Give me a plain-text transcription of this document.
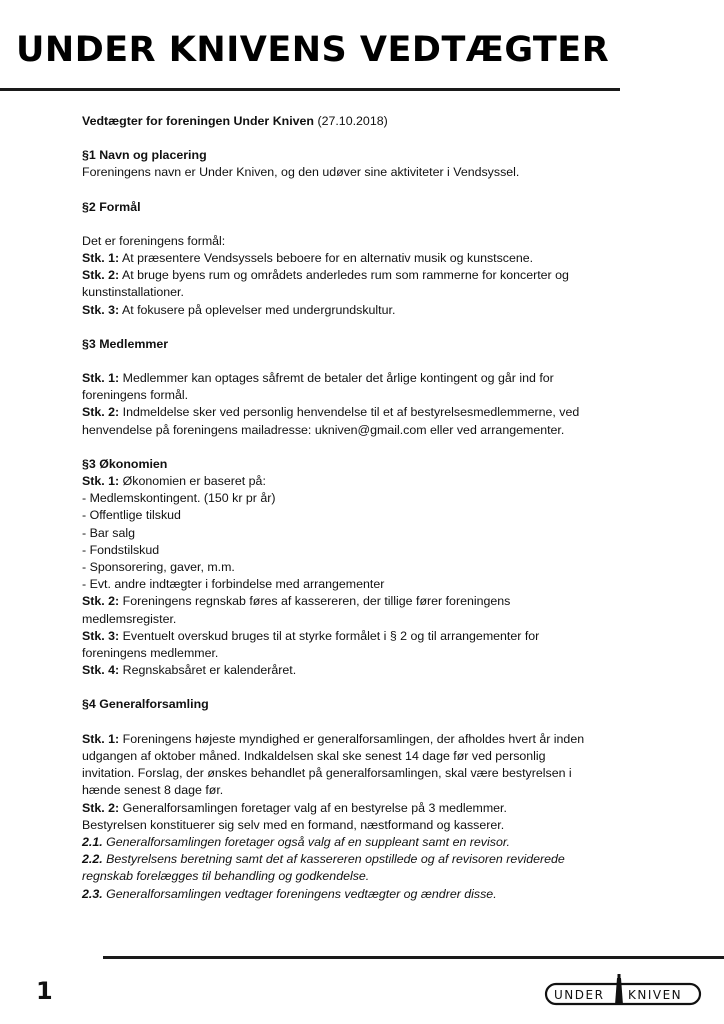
UNDER KNIVENS VEDTÆGTER

Vedtægter for foreningen Under Kniven (27.10.2018)

§1 Navn og placering

Foreningens navn er Under Kniven, og den udøver sine aktiviteter i Vendsyssel.

§2 Formål

Det er foreningens formål:

Stk. 1: At præsentere Vendsyssels beboere for en alternativ musik og kunstscene.

Stk. 2: At bruge byens rum og områdets anderledes rum som rammerne for koncerter og

kunstinstallationer.

Stk. 3: At fokusere på oplevelser med undergrundskultur.

§3 Medlemmer

Stk. 1: Medlemmer kan optages såfremt de betaler det årlige kontingent og går ind for

foreningens formål.

Stk. 2: Indmeldelse sker ved personlig henvendelse til et af bestyrelsesmedlemmerne, ved

henvendelse på foreningens mailadresse: ukniven@gmail.com eller ved arrangementer.

§3 Økonomien

Stk. 1: Økonomien er baseret på:

- Medlemskontingent. (150 kr pr år)

- Offentlige tilskud

- Bar salg

- Fondstilskud

- Sponsorering, gaver, m.m.

- Evt. andre indtægter i forbindelse med arrangementer

Stk. 2: Foreningens regnskab føres af kassereren, der tillige fører foreningens

medlemsregister.

Stk. 3: Eventuelt overskud bruges til at styrke formålet i § 2 og til arrangementer for

foreningens medlemmer.

Stk. 4: Regnskabsåret er kalenderåret.

§4 Generalforsamling

Stk. 1: Foreningens højeste myndighed er generalforsamlingen, der afholdes hvert år inden

udgangen af oktober måned. Indkaldelsen skal ske senest 14 dage før ved personlig

invitation. Forslag, der ønskes behandlet på generalforsamlingen, skal være bestyrelsen i

hænde senest 8 dage før.

Stk. 2: Generalforsamlingen foretager valg af en bestyrelse på 3 medlemmer.

Bestyrelsen konstituerer sig selv med en formand, næstformand og kasserer.

2.1. Generalforsamlingen foretager også valg af en suppleant samt en revisor.

2.2. Bestyrelsens beretning samt det af kassereren opstillede og af revisoren reviderede

regnskab forelægges til behandling og godkendelse.

2.3. Generalforsamlingen vedtager foreningens vedtægter og ændrer disse.

1	UNDER KNIVEN
